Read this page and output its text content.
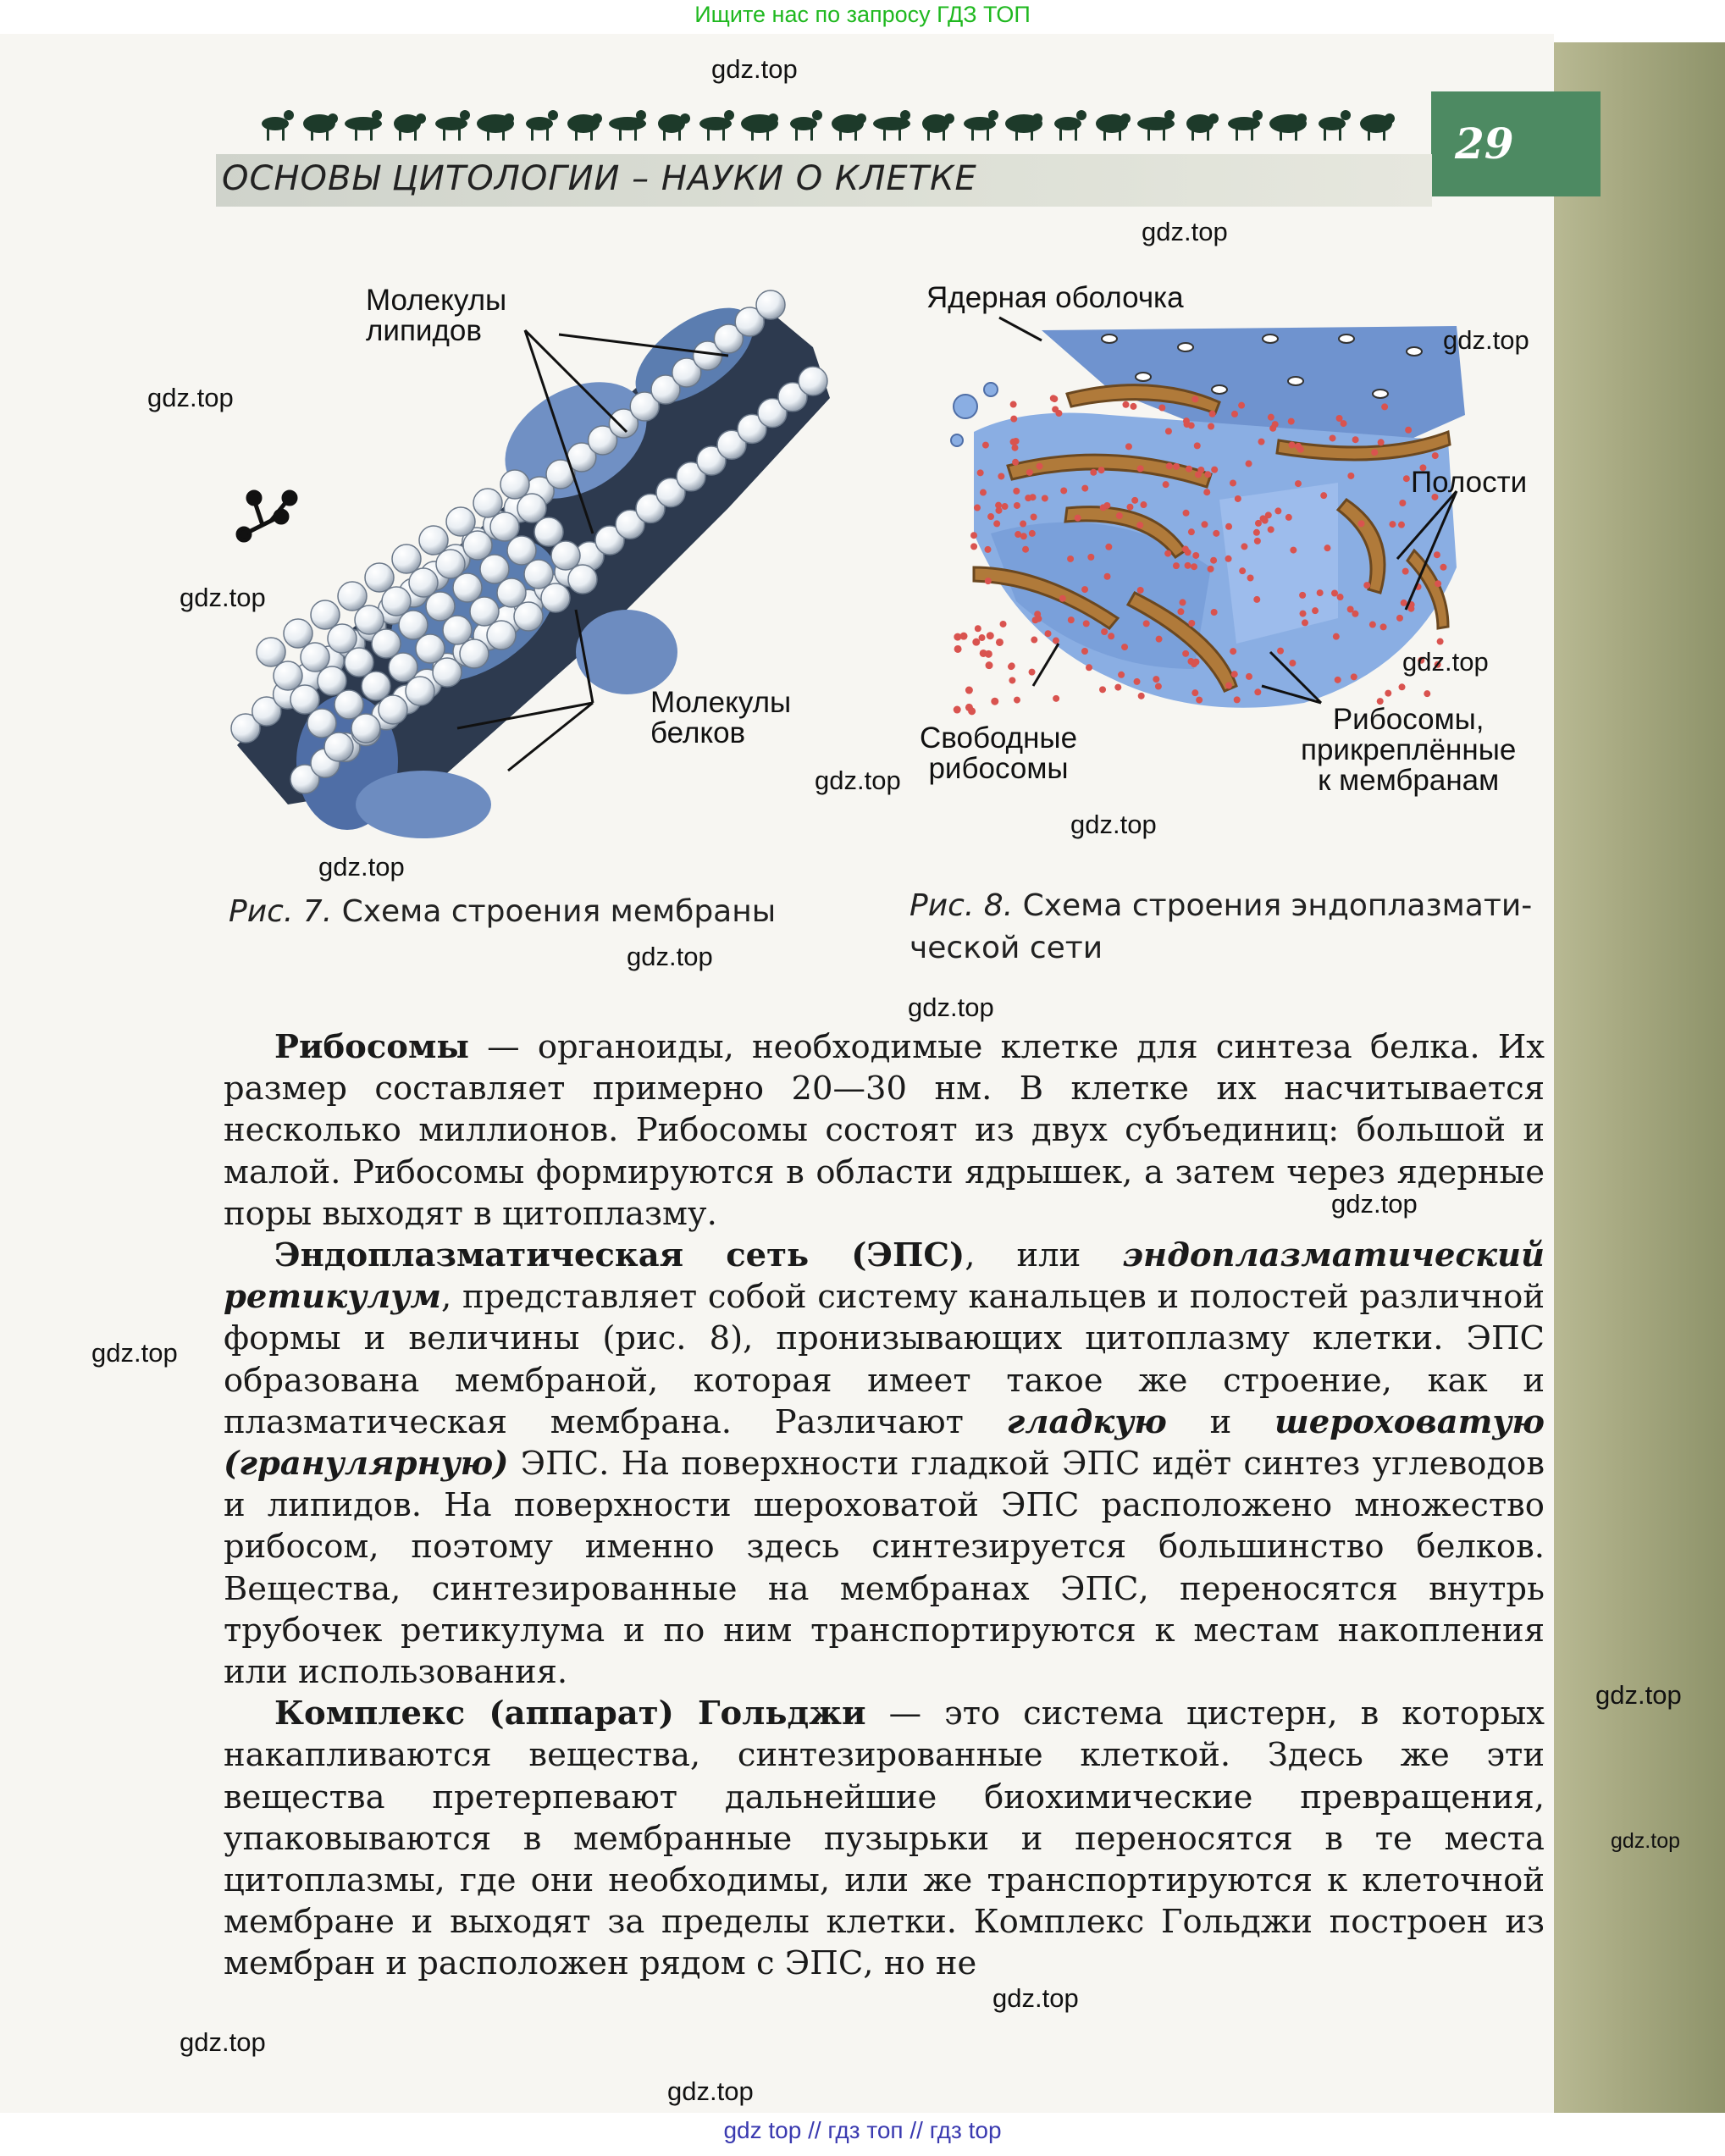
Ищите нас по запросу ГДЗ ТОП
29
ОСНОВЫ ЦИТОЛОГИИ – НАУКИ О КЛЕТКЕ
Молекулы
липидов
Молекулы
белков
Ядерная оболочка
Полости
Свободные
рибосомы
Рибосомы,
прикреплённые
к мембранам
Рис. 7. Схема строения мембраны	Рис. 8. Схема строения эндоплазмати-
ческой сети

Рибосомы — органоиды, необходимые клетке для синтеза белка. Их размер составляет примерно 20—30 нм. В клетке их насчитывается несколько миллионов. Рибосомы состоят из двух субъединиц: большой и малой. Рибосомы формируются в области ядрышек, а затем через ядерные поры выходят в цитоплазму.

Эндоплазматическая сеть (ЭПС), или эндоплазматический ретикулум, представляет собой систему канальцев и полостей различной формы и величины (рис. 8), пронизывающих цитоплазму клетки. ЭПС образована мембраной, которая имеет такое же строение, как и плазматическая мембрана. Различают гладкую и шероховатую (гранулярную) ЭПС. На поверхности гладкой ЭПС идёт синтез углеводов и липидов. На поверхности шероховатой ЭПС расположено множество рибосом, поэтому именно здесь синтезируется большинство белков. Вещества, синтезированные на мембранах ЭПС, переносятся внутрь трубочек ретикулума и по ним транспортируются к местам накопления или использования.

Комплекс (аппарат) Гольджи — это система цистерн, в которых накапливаются вещества, синтезированные клеткой. Здесь же эти вещества претерпевают дальнейшие биохимические превращения, упаковываются в мембранные пузырьки и переносятся в те места цитоплазмы, где они необходимы, или же транспортируются к клеточной мембране и выходят за пределы клетки. Комплекс Гольджи построен из мембран и расположен рядом с ЭПС, но не

gdz.top
gdz.top
gdz.top
gdz.top
gdz.top
gdz.top
gdz.top
gdz.top
gdz.top
gdz.top
gdz.top
gdz.top
gdz.top
gdz.top
gdz.top
gdz.top
gdz.top
gdz.top
gdz top // гдз топ // гдз top
